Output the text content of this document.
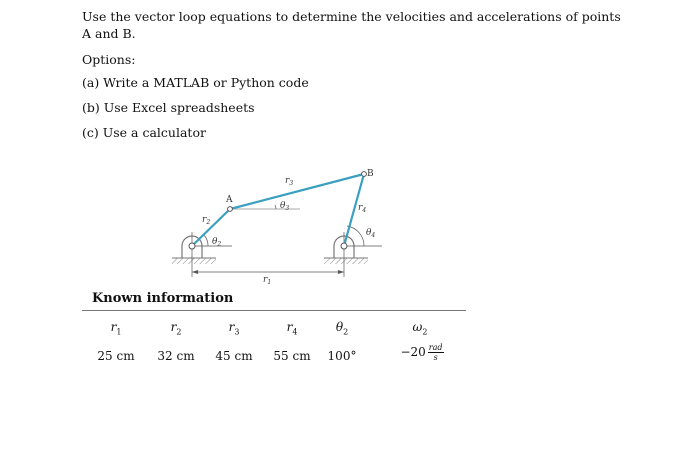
Use the vector loop equations to determine the velocities and accelerations of points A and B.

Options:

(a) Write a MATLAB or Python code

(b) Use Excel spreadsheets

(c) Use a calculator

A
B
$r_2$
$r_3$
$r_4$
$r_1$
$\theta_2$
$\theta_3$
$\theta_4$

Known information

$r_1$	$r_2$	$r_3$	$r_4$	$\theta_2$	$\omega_2$
25 cm	32 cm	45 cm	55 cm	100°	$-20 \frac{\text{rad}}{s}$
